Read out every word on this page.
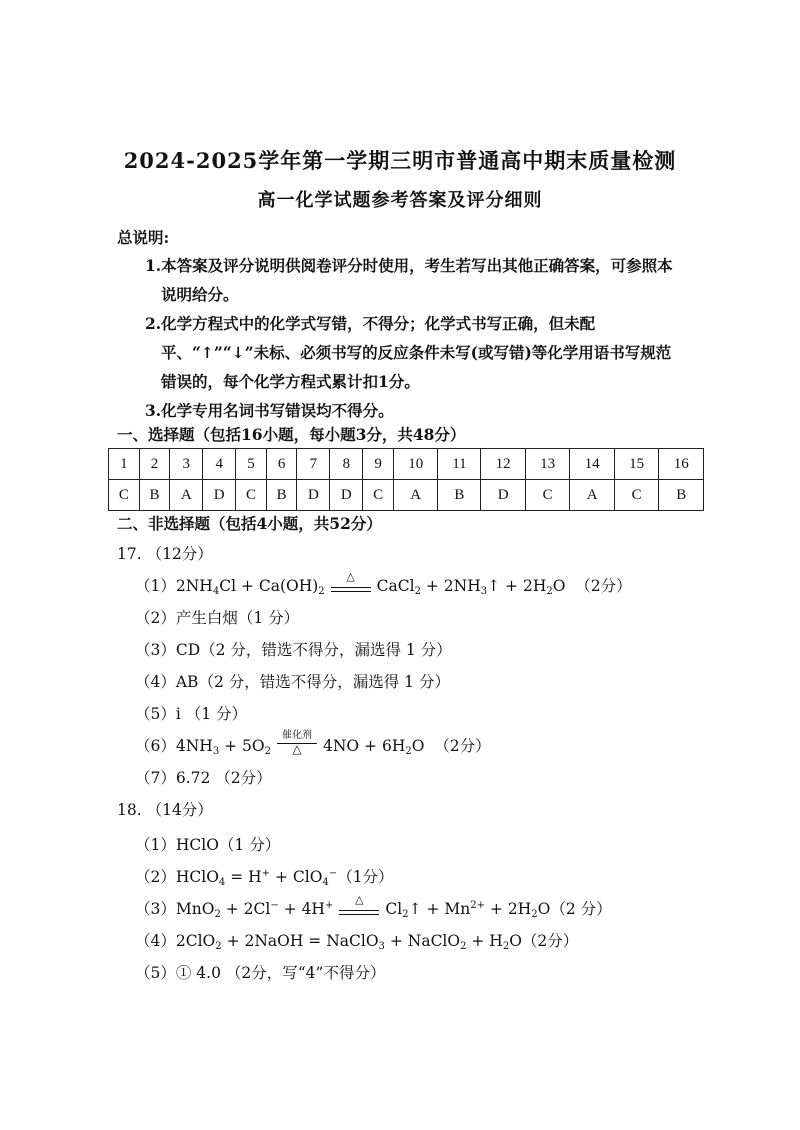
2024-2025学年第一学期三明市普通高中期末质量检测
高一化学试题参考答案及评分细则
总说明:
1.本答案及评分说明供阅卷评分时使用，考生若写出其他正确答案，可参照本说明给分。
2.化学方程式中的化学式写错，不得分；化学式书写正确，但未配平、“↑”“↓”未标、必须书写的反应条件未写(或写错)等化学用语书写规范错误的，每个化学方程式累计扣1分。
3.化学专用名词书写错误均不得分。
一、选择题（包括16小题，每小题3分，共48分）
1	2	3	4	5	6	7	8	9	10	11	12	13	14	15	16
C	B	A	D	C	B	D	D	C	A	B	D	C	A	C	B
二、非选择题（包括4小题，共52分）
17. （12分）
$(1)2NH_4Cl + Ca(OH)_2$
△
CaCl$_2$ + $2NH_3↑ + 2H_2O$  （2分）
（2）产生白烟（1 分）
（3）CD（2 分，错选不得分，漏选得 1 分）
（4）AB（2 分，错选不得分，漏选得 1 分）
（5）i （1 分）
$(6)4NH_3 + 5O_2$
催化剂
△	$4NO + 6H_2O$  （2分）
（7）6.72 （2分）
18. （14分）
（1）HClO（1 分）
（2）HClO$_4$ = H+ + ClO$_4$−（1分）
（3）MnO$_2$ + 2Cl− + 4H+	△
$Cl_2↑ + Mn^{2+} + 2H_2O(2$ 分）
（4）2ClO$_2$ + 2NaOH = NaClO$_3$ + NaClO$_2$ + $H_2O(2$分）
（5）① 4.0 （2分，写“4”不得分）
